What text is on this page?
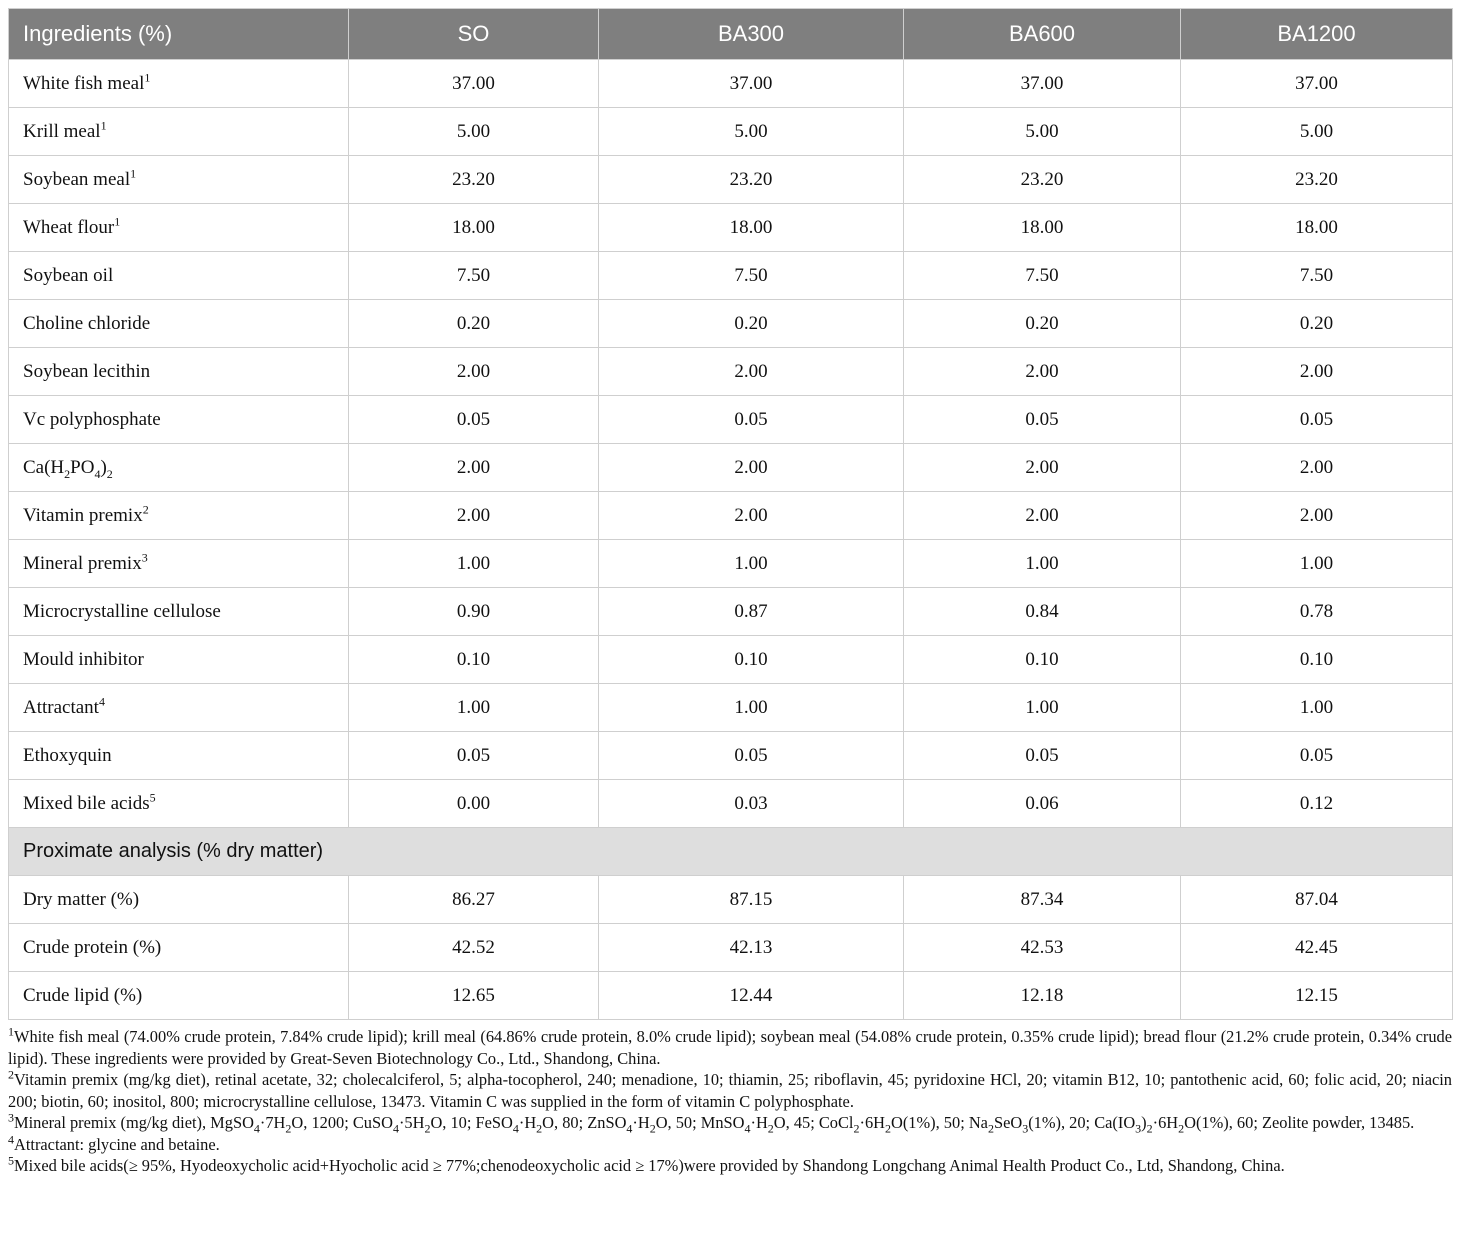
Ingredients (%)	SO	BA300	BA600	BA1200
White fish meal$^1$	37.00	37.00	37.00	37.00
Krill meal$^1$	5.00	5.00	5.00	5.00
Soybean meal$^1$	23.20	23.20	23.20	23.20
Wheat flour$^1$	18.00	18.00	18.00	18.00
Soybean oil	7.50	7.50	7.50	7.50
Choline chloride	0.20	0.20	0.20	0.20
Soybean lecithin	2.00	2.00	2.00	2.00
Vc polyphosphate	0.05	0.05	0.05	0.05
$Ca(H_2PO_4)_2$	2.00	2.00	2.00	2.00
Vitamin premix$^2$	2.00	2.00	2.00	2.00
Mineral premix$^3$	1.00	1.00	1.00	1.00
Microcrystalline cellulose	0.90	0.87	0.84	0.78
Mould inhibitor	0.10	0.10	0.10	0.10
Attractant$^4$	1.00	1.00	1.00	1.00
Ethoxyquin	0.05	0.05	0.05	0.05
Mixed bile acids$^5$	0.00	0.03	0.06	0.12
Proximate analysis (% dry matter)				
Dry matter (%)	86.27	87.15	87.34	87.04
Crude protein (%)	42.52	42.13	42.53	42.45
Crude lipid (%)	12.65	12.44	12.18	12.15

$^1$White fish meal (74.00% crude protein, 7.84% crude lipid); krill meal (64.86% crude protein, 8.0% crude lipid); soybean meal (54.08% crude protein, 0.35% crude lipid); bread flour (21.2% crude protein, 0.34% crude lipid). These ingredients were provided by Great-Seven Biotechnology Co., Ltd., Shandong, China.

$^2$Vitamin premix (mg/kg diet), retinal acetate, 32; cholecalciferol, 5; alpha-tocopherol, 240; menadione, 10; thiamin, 25; riboflavin, 45; pyridoxine HCl, 20; vitamin B12, 10; pantothenic acid, 60; folic acid, 20; niacin 200; biotin, 60; inositol, 800; microcrystalline cellulose, 13473. Vitamin C was supplied in the form of vitamin C polyphosphate.

$^3$Mineral premix (mg/kg diet), $MgSO_4\cdot 7H_2O$, 1200; $CuSO_4\cdot 5H_2O$, 10; $FeSO_4\cdot H_2O$, 80; $ZnSO_4\cdot H_2O$, 50; $MnSO_4\cdot H_2O$, 45; $CoCl_2\cdot 6H_2O(1\%)$, 50; $Na_2SeO_3(1\%)$, 20; $Ca(IO_3)_2\cdot 6H_2O(1\%)$, 60; Zeolite powder, 13485.

$^4$Attractant: glycine and betaine.

$^5$Mixed bile acids(≥ 95%, Hyodeoxycholic acid+Hyocholic acid ≥ 77%;chenodeoxycholic acid ≥ 17%)were provided by Shandong Longchang Animal Health Product Co., Ltd, Shandong, China.
